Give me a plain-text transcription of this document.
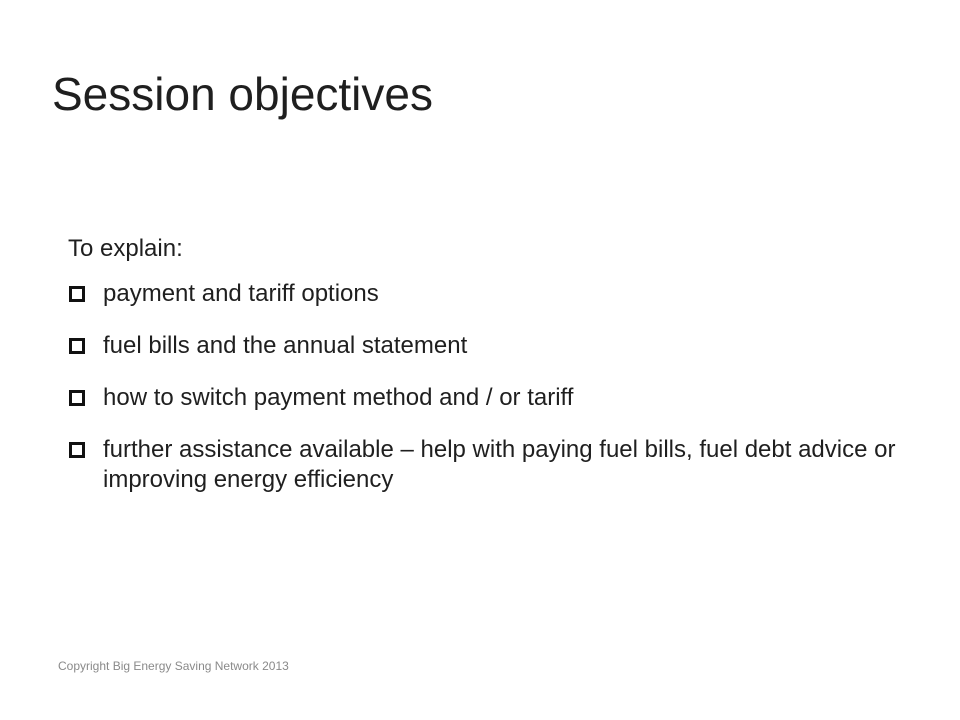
Session objectives

To explain:

payment and tariff options
fuel bills and the annual statement
how to switch payment method and / or tariff
further assistance available – help with paying fuel bills, fuel debt advice or improving energy efficiency
Copyright Big Energy Saving Network 2013
